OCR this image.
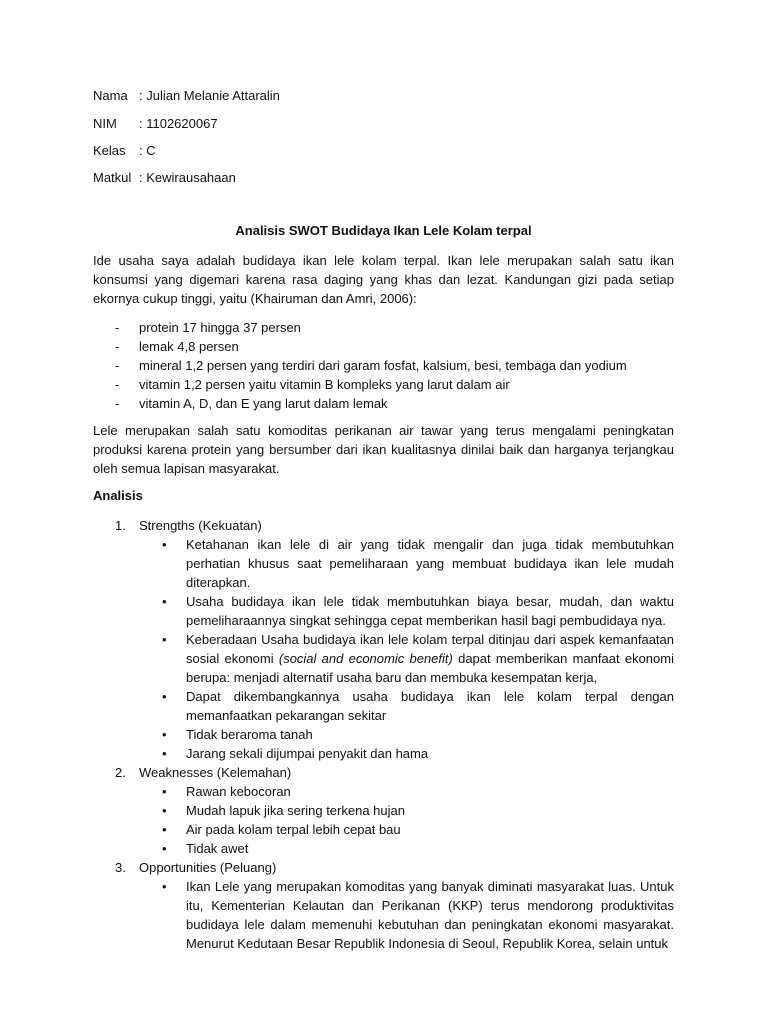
Nama : Julian Melanie Attaralin
NIM : 1102620067
Kelas : C
Matkul : Kewirausahaan
Analisis SWOT Budidaya Ikan Lele Kolam terpal

Ide usaha saya adalah budidaya ikan lele kolam terpal. Ikan lele merupakan salah satu ikan konsumsi yang digemari karena rasa daging yang khas dan lezat. Kandungan gizi pada setiap ekornya cukup tinggi, yaitu (Khairuman dan Amri, 2006):

- protein 17 hingga 37 persen
- lemak 4,8 persen
- mineral 1,2 persen yang terdiri dari garam fosfat, kalsium, besi, tembaga dan yodium
- vitamin 1,2 persen yaitu vitamin B kompleks yang larut dalam air
- vitamin A, D, dan E yang larut dalam lemak

Lele merupakan salah satu komoditas perikanan air tawar yang terus mengalami peningkatan produksi karena protein yang bersumber dari ikan kualitasnya dinilai baik dan harganya terjangkau oleh semua lapisan masyarakat.

Analisis
1. Strengths (Kekuatan)
• Ketahanan ikan lele di air yang tidak mengalir dan juga tidak membutuhkan perhatian khusus saat pemeliharaan yang membuat budidaya ikan lele mudah diterapkan.
• Usaha budidaya ikan lele tidak membutuhkan biaya besar, mudah, dan waktu pemeliharaannya singkat sehingga cepat memberikan hasil bagi pembudidaya nya.
• Keberadaan Usaha budidaya ikan lele kolam terpal ditinjau dari aspek kemanfaatan sosial ekonomi (social and economic benefit) dapat memberikan manfaat ekonomi berupa: menjadi alternatif usaha baru dan membuka kesempatan kerja,
• Dapat dikembangkannya usaha budidaya ikan lele kolam terpal dengan memanfaatkan pekarangan sekitar
• Tidak beraroma tanah
• Jarang sekali dijumpai penyakit dan hama
2. Weaknesses (Kelemahan)
• Rawan kebocoran
• Mudah lapuk jika sering terkena hujan
• Air pada kolam terpal lebih cepat bau
• Tidak awet
3. Opportunities (Peluang)
• Ikan Lele yang merupakan komoditas yang banyak diminati masyarakat luas. Untuk itu, Kementerian Kelautan dan Perikanan (KKP) terus mendorong produktivitas budidaya lele dalam memenuhi kebutuhan dan peningkatan ekonomi masyarakat. Menurut Kedutaan Besar Republik Indonesia di Seoul, Republik Korea, selain untuk
